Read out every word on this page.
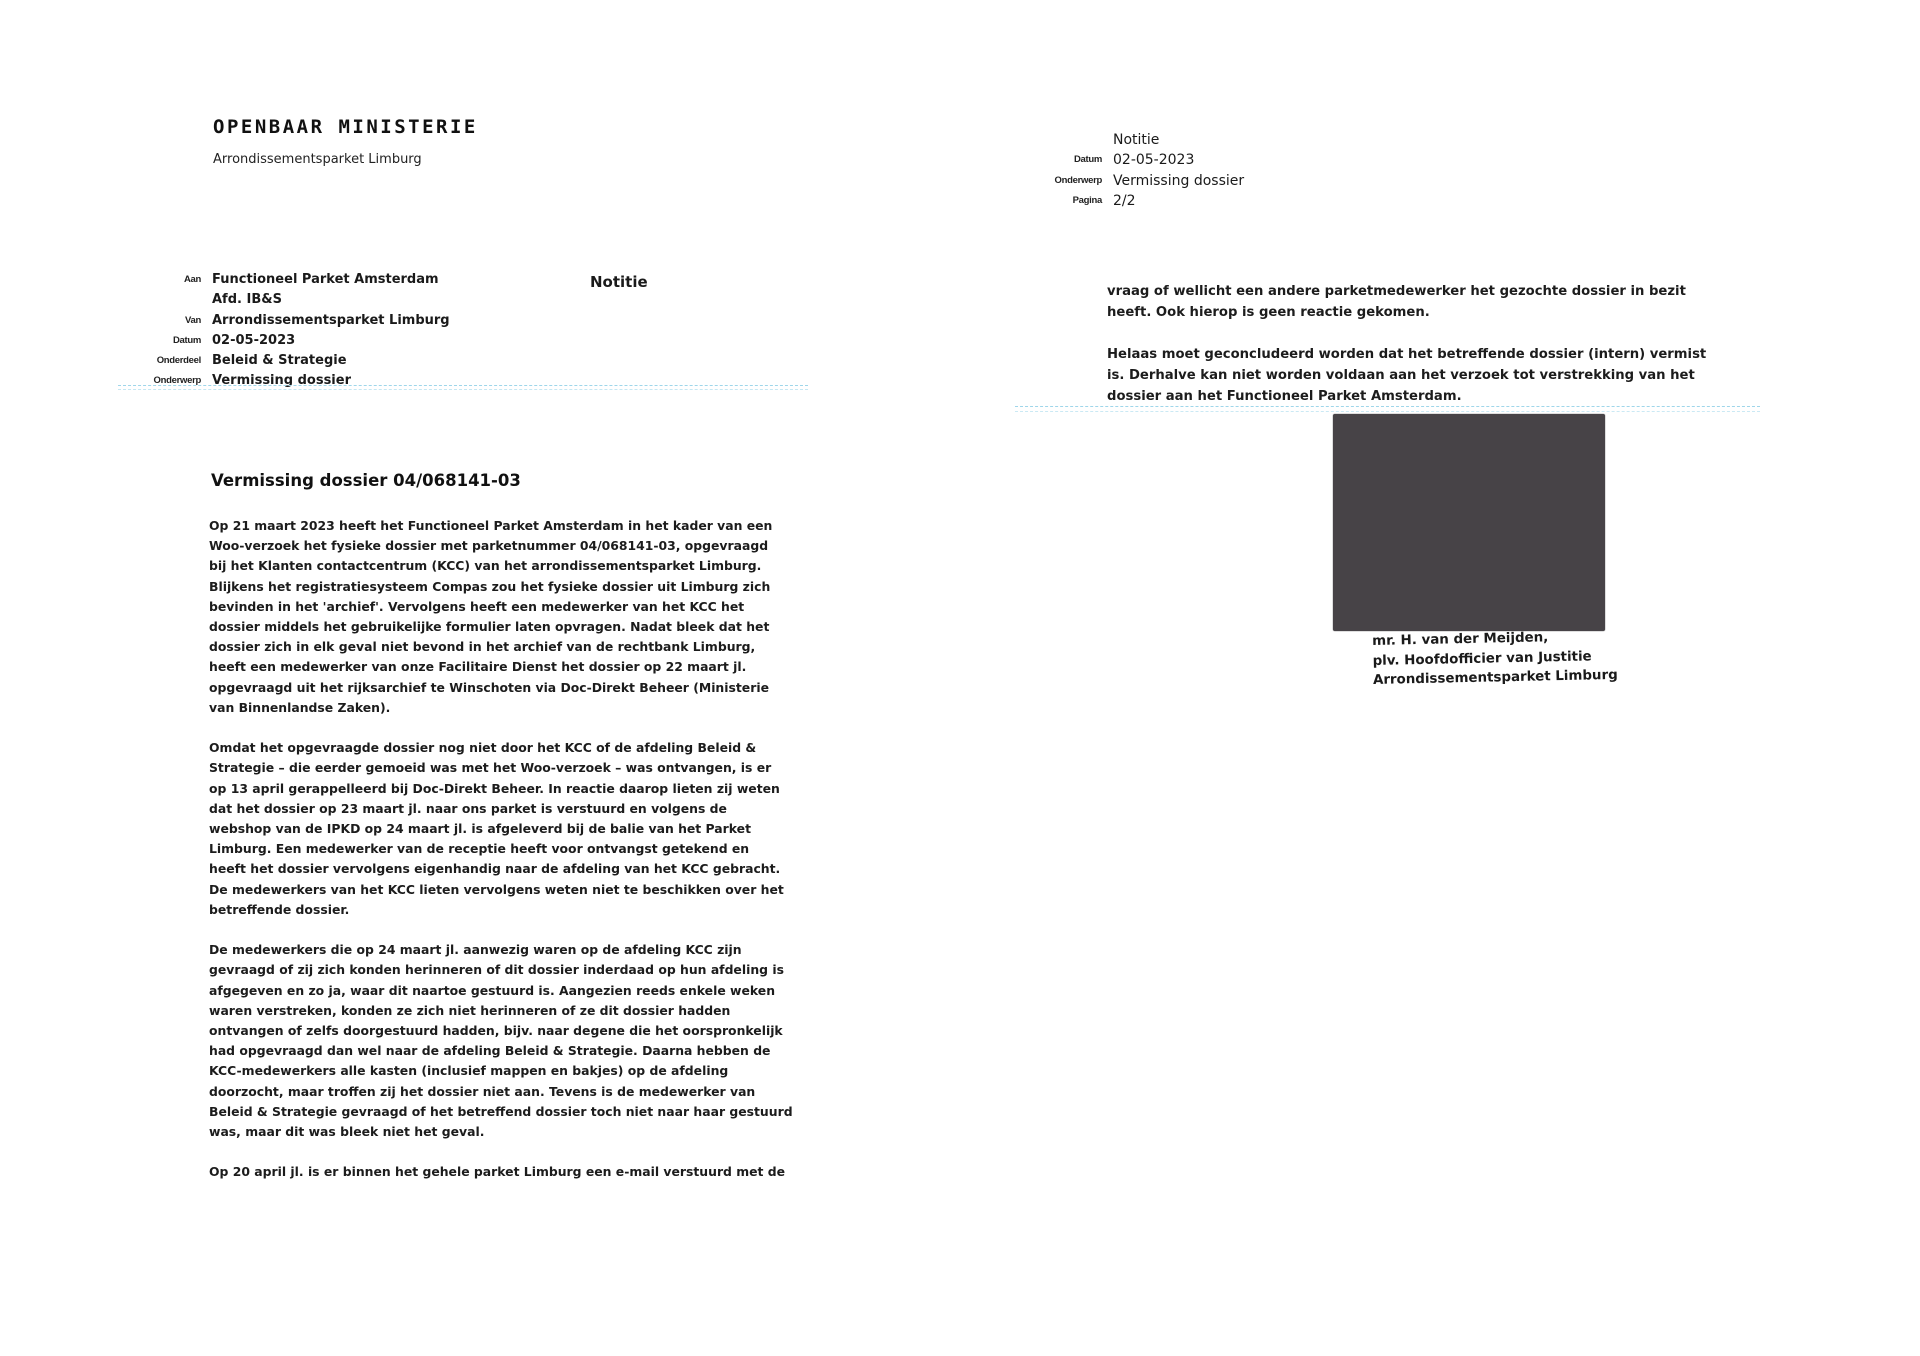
OPENBAAR MINISTERIE
Arrondissementsparket Limburg
Aan Functioneel Parket Amsterdam
Afd. IB&S
Van Arrondissementsparket Limburg
Datum 02-05-2023
Onderdeel Beleid & Strategie
Onderwerp Vermissing dossier
Notitie
Vermissing dossier 04/068141-03

Op 21 maart 2023 heeft het Functioneel Parket Amsterdam in het kader van een
Woo-verzoek het fysieke dossier met parketnummer 04/068141-03, opgevraagd
bij het Klanten contactcentrum (KCC) van het arrondissementsparket Limburg.
Blijkens het registratiesysteem Compas zou het fysieke dossier uit Limburg zich
bevinden in het 'archief'. Vervolgens heeft een medewerker van het KCC het
dossier middels het gebruikelijke formulier laten opvragen. Nadat bleek dat het
dossier zich in elk geval niet bevond in het archief van de rechtbank Limburg,
heeft een medewerker van onze Facilitaire Dienst het dossier op 22 maart jl.
opgevraagd uit het rijksarchief te Winschoten via Doc-Direkt Beheer (Ministerie
van Binnenlandse Zaken).

Omdat het opgevraagde dossier nog niet door het KCC of de afdeling Beleid &
Strategie – die eerder gemoeid was met het Woo-verzoek – was ontvangen, is er
op 13 april gerappelleerd bij Doc-Direkt Beheer. In reactie daarop lieten zij weten
dat het dossier op 23 maart jl. naar ons parket is verstuurd en volgens de
webshop van de IPKD op 24 maart jl. is afgeleverd bij de balie van het Parket
Limburg. Een medewerker van de receptie heeft voor ontvangst getekend en
heeft het dossier vervolgens eigenhandig naar de afdeling van het KCC gebracht.
De medewerkers van het KCC lieten vervolgens weten niet te beschikken over het
betreffende dossier.

De medewerkers die op 24 maart jl. aanwezig waren op de afdeling KCC zijn
gevraagd of zij zich konden herinneren of dit dossier inderdaad op hun afdeling is
afgegeven en zo ja, waar dit naartoe gestuurd is. Aangezien reeds enkele weken
waren verstreken, konden ze zich niet herinneren of ze dit dossier hadden
ontvangen of zelfs doorgestuurd hadden, bijv. naar degene die het oorspronkelijk
had opgevraagd dan wel naar de afdeling Beleid & Strategie. Daarna hebben de
KCC-medewerkers alle kasten (inclusief mappen en bakjes) op de afdeling
doorzocht, maar troffen zij het dossier niet aan. Tevens is de medewerker van
Beleid & Strategie gevraagd of het betreffend dossier toch niet naar haar gestuurd
was, maar dit was bleek niet het geval.

Op 20 april jl. is er binnen het gehele parket Limburg een e-mail verstuurd met de

Notitie
Datum 02-05-2023
Onderwerp Vermissing dossier
Pagina 2/2

vraag of wellicht een andere parketmedewerker het gezochte dossier in bezit
heeft. Ook hierop is geen reactie gekomen.

Helaas moet geconcludeerd worden dat het betreffende dossier (intern) vermist
is. Derhalve kan niet worden voldaan aan het verzoek tot verstrekking van het
dossier aan het Functioneel Parket Amsterdam.

mr. H. van der Meijden,
plv. Hoofdofficier van Justitie
Arrondissementsparket Limburg
